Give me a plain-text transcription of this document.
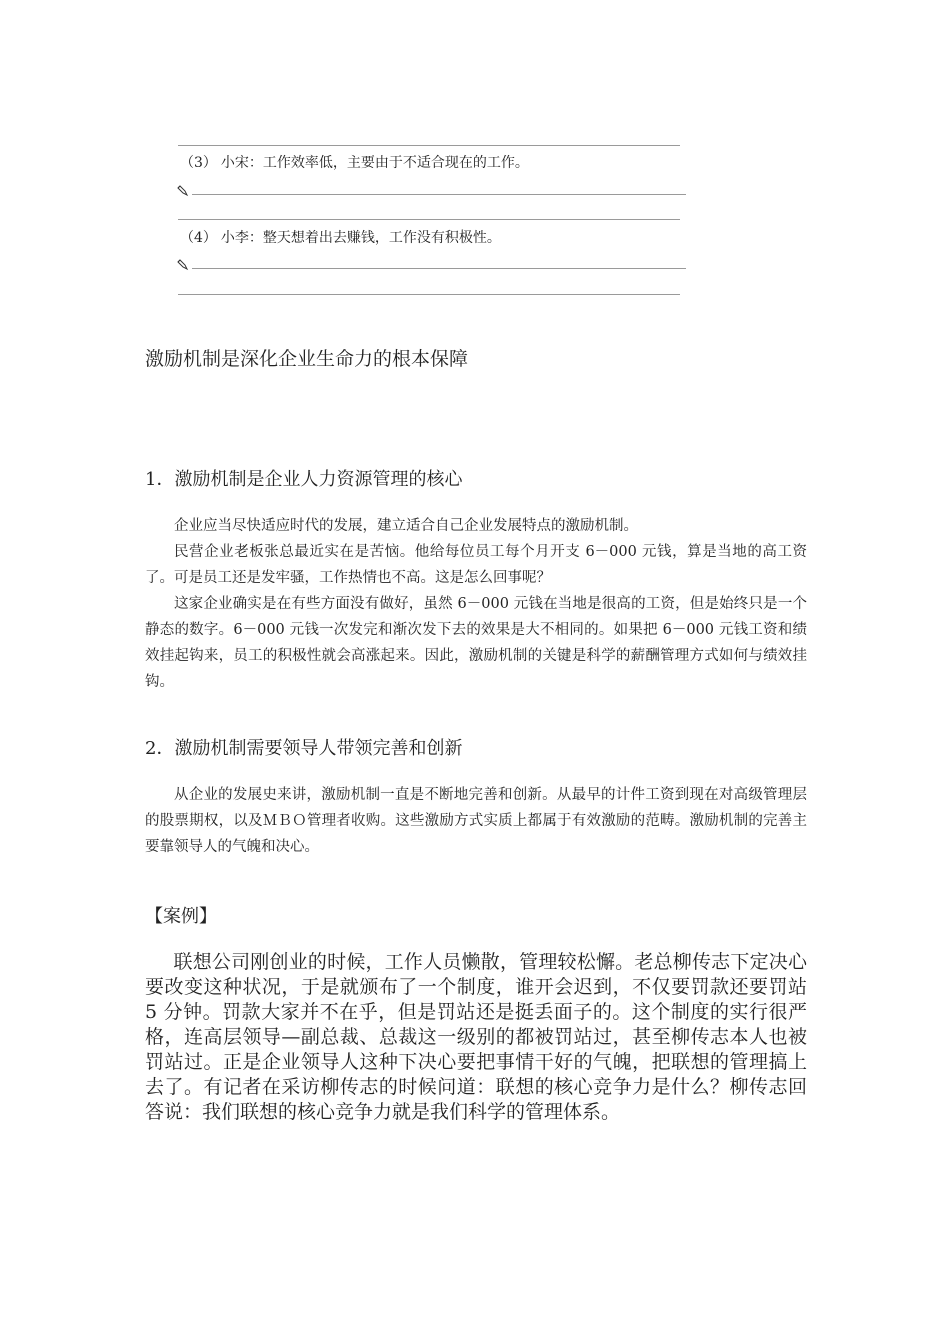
（3） 小宋：工作效率低，主要由于不适合现在的工作。
（4） 小李：整天想着出去赚钱，工作没有积极性。
激励机制是深化企业生命力的根本保障
1．激励机制是企业人力资源管理的核心

企业应当尽快适应时代的发展，建立适合自己企业发展特点的激励机制。

民营企业老板张总最近实在是苦恼。他给每位员工每个月开支 6－000 元钱，算是当地的高工资了。可是员工还是发牢骚，工作热情也不高。这是怎么回事呢？

这家企业确实是在有些方面没有做好，虽然 6－000 元钱在当地是很高的工资，但是始终只是一个静态的数字。6－000 元钱一次发完和渐次发下去的效果是大不相同的。如果把 6－000 元钱工资和绩效挂起钩来，员工的积极性就会高涨起来。因此，激励机制的关键是科学的薪酬管理方式如何与绩效挂钩。

2．激励机制需要领导人带领完善和创新

从企业的发展史来讲，激励机制一直是不断地完善和创新。从最早的计件工资到现在对高级管理层的股票期权，以及ＭＢＯ管理者收购。这些激励方式实质上都属于有效激励的范畴。激励机制的完善主要靠领导人的气魄和决心。

【案例】

联想公司刚创业的时候，工作人员懒散，管理较松懈。老总柳传志下定决心要改变这种状况，于是就颁布了一个制度，谁开会迟到，不仅要罚款还要罚站 5 分钟。罚款大家并不在乎，但是罚站还是挺丢面子的。这个制度的实行很严格，连高层领导—副总裁、总裁这一级别的都被罚站过，甚至柳传志本人也被罚站过。正是企业领导人这种下决心要把事情干好的气魄，把联想的管理搞上去了。有记者在采访柳传志的时候问道：联想的核心竞争力是什么？柳传志回答说：我们联想的核心竞争力就是我们科学的管理体系。
